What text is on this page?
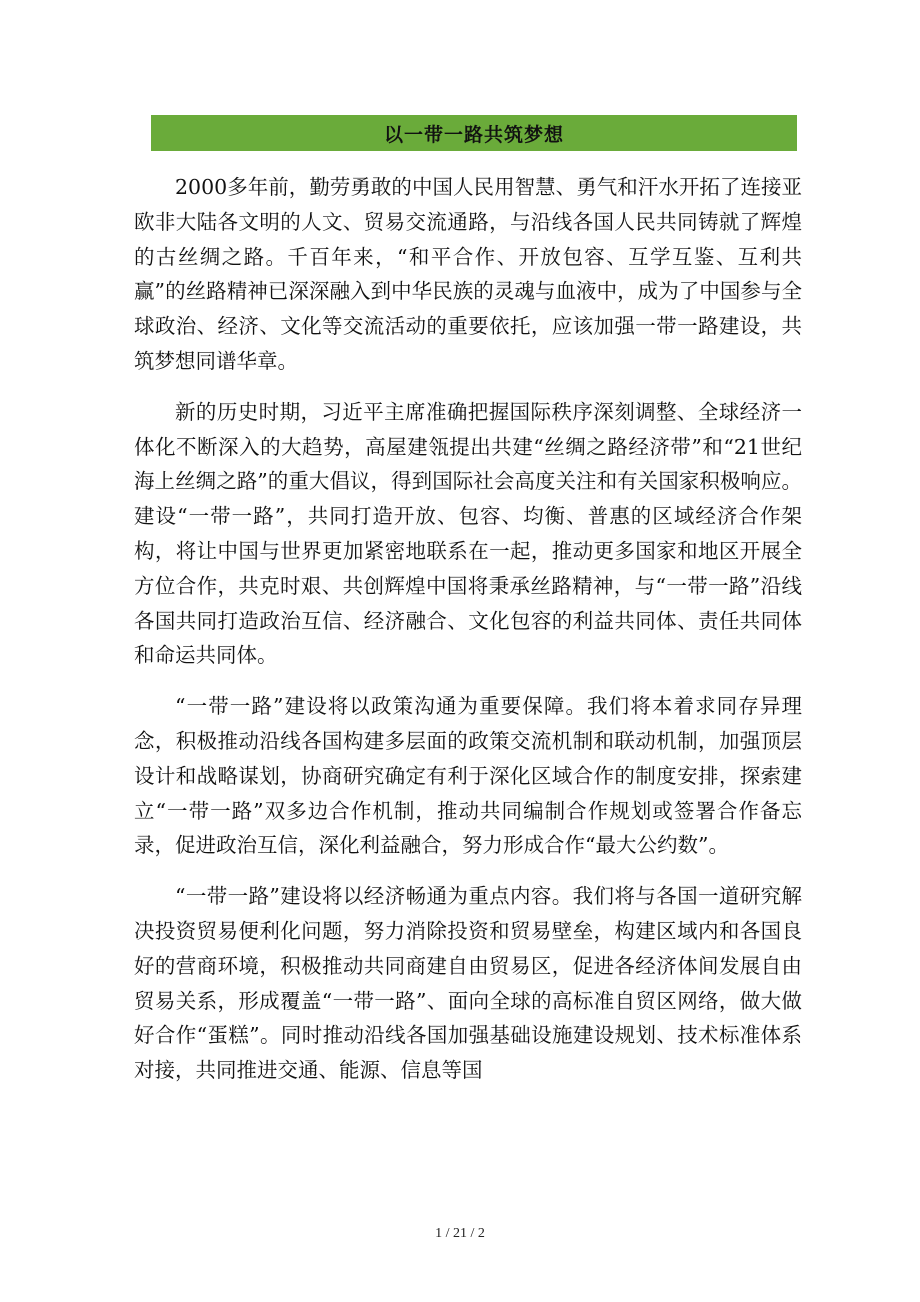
以一带一路共筑梦想

2000多年前，勤劳勇敢的中国人民用智慧、勇气和汗水开拓了连接亚欧非大陆各文明的人文、贸易交流通路，与沿线各国人民共同铸就了辉煌的古丝绸之路。千百年来，“和平合作、开放包容、互学互鉴、互利共赢”的丝路精神已深深融入到中华民族的灵魂与血液中，成为了中国参与全球政治、经济、文化等交流活动的重要依托，应该加强一带一路建设，共筑梦想同谱华章。

新的历史时期，习近平主席准确把握国际秩序深刻调整、全球经济一体化不断深入的大趋势，高屋建瓴提出共建“丝绸之路经济带”和“21世纪海上丝绸之路”的重大倡议，得到国际社会高度关注和有关国家积极响应。建设“一带一路”，共同打造开放、包容、均衡、普惠的区域经济合作架构，将让中国与世界更加紧密地联系在一起，推动更多国家和地区开展全方位合作，共克时艰、共创辉煌中国将秉承丝路精神，与“一带一路”沿线各国共同打造政治互信、经济融合、文化包容的利益共同体、责任共同体和命运共同体。

“一带一路”建设将以政策沟通为重要保障。我们将本着求同存异理念，积极推动沿线各国构建多层面的政策交流机制和联动机制，加强顶层设计和战略谋划，协商研究确定有利于深化区域合作的制度安排，探索建立“一带一路”双多边合作机制，推动共同编制合作规划或签署合作备忘录，促进政治互信，深化利益融合，努力形成合作“最大公约数”。

“一带一路”建设将以经济畅通为重点内容。我们将与各国一道研究解决投资贸易便利化问题，努力消除投资和贸易壁垒，构建区域内和各国良好的营商环境，积极推动共同商建自由贸易区，促进各经济体间发展自由贸易关系，形成覆盖“一带一路”、面向全球的高标准自贸区网络，做大做好合作“蛋糕”。同时推动沿线各国加强基础设施建设规划、技术标准体系对接，共同推进交通、能源、信息等国

1 / 21 / 2
